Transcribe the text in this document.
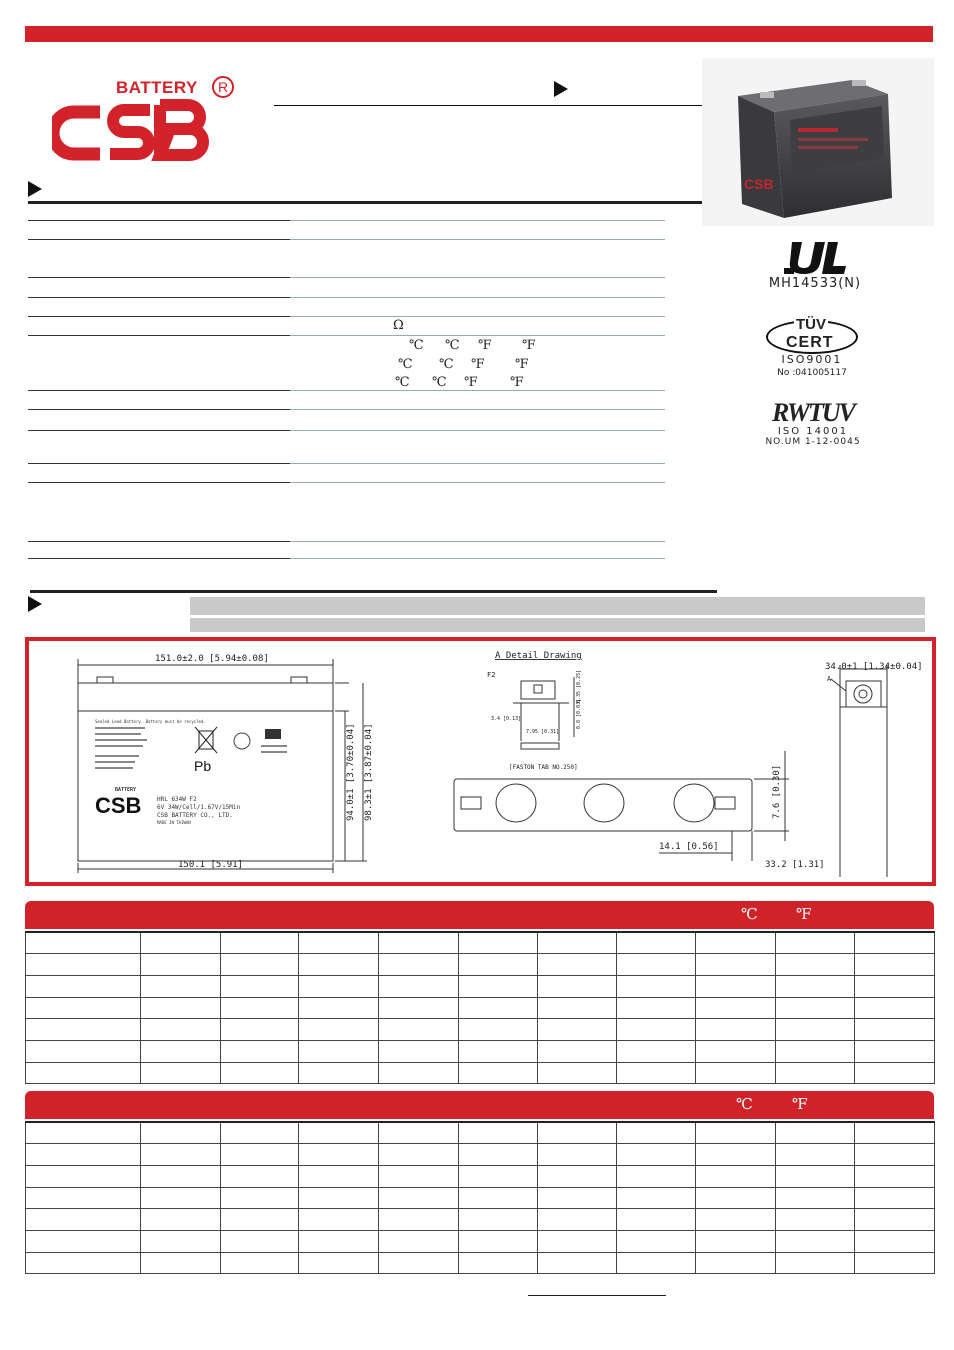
BATTERY	R
CSB
Ω
℃ ℃ ℉ ℉
℃ ℃ ℉ ℉
℃ ℃ ℉ ℉
MH14533(N)
TÜV
CERT
ISO9001
No :041005117
RWTUV
ISO 14001
NO.UM 1-12-0045
151.0±2.0 [5.94±0.08]
150.1 [5.91]
94.0±1 [3.70±0.04] 98.3±1 [3.87±0.04]
Sealed Lead Battery. Battery must be recycled.
BATTERY
CSB	HRL 634W F2
6V 34W/Cell/1.67V/15Min
CSB BATTERY CO., LTD.
MADE IN TAIWAN
Pb
A Detail Drawing
F2
3.4 [0.13]
7.95 [0.31]
6.35 [0.25]
0.8 [0.03]
[FASTON TAB NO.250]	7.6 [0.30]
14.1 [0.56]
33.2 [1.31]
34.0±1 [1.34±0.04]
A
℃	℉

℃	℉
